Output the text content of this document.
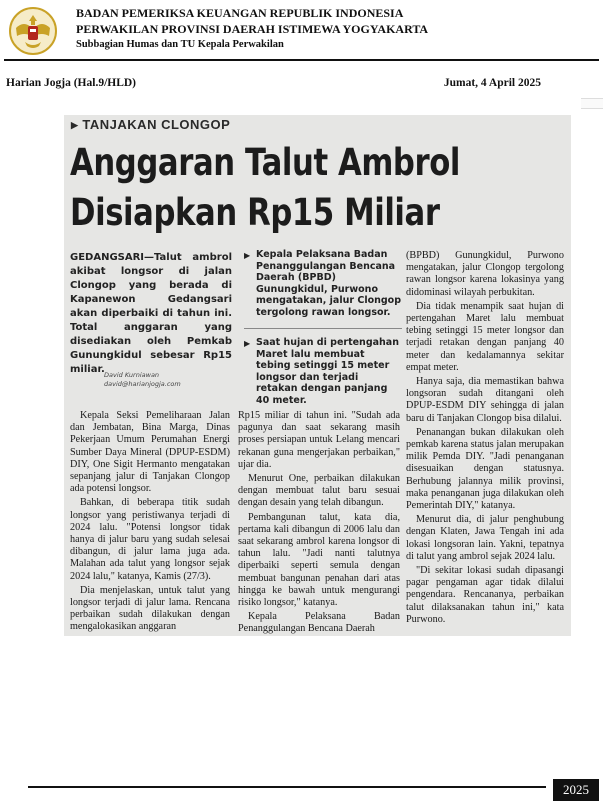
BADAN PEMERIKSA KEUANGAN REPUBLIK INDONESIA
PERWAKILAN PROVINSI DAERAH ISTIMEWA YOGYAKARTA
Subbagian Humas dan TU Kepala Perwakilan
Harian Jogja (Hal.9/HLD)	Jumat, 4 April 2025
▶ TANJAKAN CLONGOP
Anggaran Talut Ambrol
Disiapkan Rp15 Miliar
GEDANGSARI—Talut ambrol akibat longsor di jalan Clongop yang berada di Kapanewon Gedangsari akan diperbaiki di tahun ini. Total anggaran yang disediakan oleh Pemkab Gunungkidul sebesar Rp15 miliar. David Kurniawan
david@harianjogja.com
▶ Kepala Pelaksana Badan Penanggulangan Bencana Daerah (BPBD) Gunungkidul, Purwono mengatakan, jalur Clongop tergolong rawan longsor.
▶ Saat hujan di pertengahan Maret lalu membuat tebing setinggi 15 meter longsor dan terjadi retakan dengan panjang 40 meter.

(BPBD) Gunungkidul, Purwono mengatakan, jalur Clongop tergolong rawan longsor karena lokasinya yang didominasi wilayah perbukitan.

Dia tidak menampik saat hujan di pertengahan Maret lalu membuat tebing setinggi 15 meter longsor dan terjadi retakan dengan panjang 40 meter dan kedalamannya sekitar empat meter.

Hanya saja, dia memastikan bahwa longsoran sudah ditangani oleh DPUP-ESDM DIY sehingga di jalan baru di Tanjakan Clongop bisa dilalui.

Penanangan bukan dilakukan oleh pemkab karena status jalan merupakan milik Pemda DIY. "Jadi penanganan disesuaikan dengan statusnya. Berhubung jalannya milik provinsi, maka penanganan juga dilakukan oleh Pemerintah DIY," katanya.

Menurut dia, di jalur penghubung dengan Klaten, Jawa Tengah ini ada lokasi longsoran lain. Yakni, tepatnya di talut yang ambrol sejak 2024 lalu.

"Di sekitar lokasi sudah dipasangi pagar pengaman agar tidak dilalui pengendara. Rencananya, perbaikan talut dilaksanakan tahun ini," kata Purwono.

Kepala Seksi Pemeliharaan Jalan dan Jembatan, Bina Marga, Dinas Pekerjaan Umum Perumahan Energi Sumber Daya Mineral (DPUP-ESDM) DIY, One Sigit Hermanto mengatakan sepanjang jalur di Tanjakan Clongop ada potensi longsor.

Bahkan, di beberapa titik sudah longsor yang peristiwanya terjadi di 2024 lalu. "Potensi longsor tidak hanya di jalur baru yang sudah selesai dibangun, di jalur lama juga ada. Malahan ada talut yang longsor sejak 2024 lalu," katanya, Kamis (27/3).

Dia menjelaskan, untuk talut yang longsor terjadi di jalur lama. Rencana perbaikan sudah dilakukan dengan mengalokasikan anggaran

Rp15 miliar di tahun ini. "Sudah ada pagunya dan saat sekarang masih proses persiapan untuk Lelang mencari rekanan guna mengerjakan perbaikan," ujar dia.

Menurut One, perbaikan dilakukan dengan membuat talut baru sesuai dengan desain yang telah dibangun.

Pembangunan talut, kata dia, pertama kali dibangun di 2006 lalu dan saat sekarang ambrol karena longsor di tahun lalu. "Jadi nanti talutnya diperbaiki seperti semula dengan membuat bangunan penahan dari atas hingga ke bawah untuk mengurangi risiko longsor," katanya.

Kepala Pelaksana Badan Penanggulangan Bencana Daerah

2025
